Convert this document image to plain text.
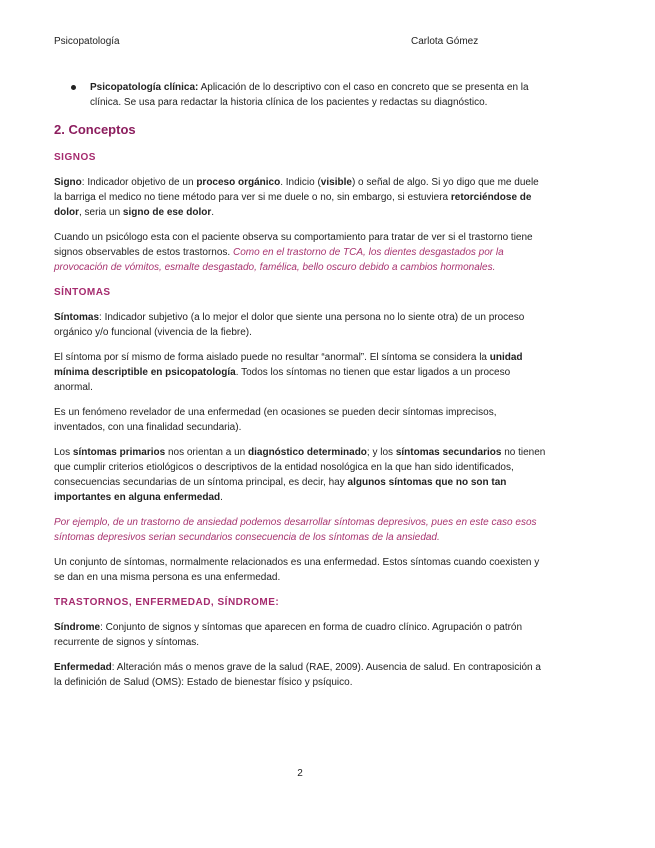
Psicopatología	Carlota Gómez

Psicopatología clínica: Aplicación de lo descriptivo con el caso en concreto que se presenta en la clínica. Se usa para redactar la historia clínica de los pacientes y redactas su diagnóstico.

2. Conceptos
SIGNOS

Signo: Indicador objetivo de un proceso orgánico. Indicio (visible) o señal de algo. Si yo digo que me duele la barriga el medico no tiene método para ver si me duele o no, sin embargo, si estuviera retorciéndose de dolor, seria un signo de ese dolor.

Cuando un psicólogo esta con el paciente observa su comportamiento para tratar de ver si el trastorno tiene signos observables de estos trastornos. Como en el trastorno de TCA, los dientes desgastados por la provocación de vómitos, esmalte desgastado, famélica, bello oscuro debido a cambios hormonales.

SÍNTOMAS

Síntomas: Indicador subjetivo (a lo mejor el dolor que siente una persona no lo siente otra) de un proceso orgánico y/o funcional (vivencia de la fiebre).

El síntoma por sí mismo de forma aislado puede no resultar “anormal”. El síntoma se considera la unidad mínima descriptible en psicopatología. Todos los síntomas no tienen que estar ligados a un proceso anormal.

Es un fenómeno revelador de una enfermedad (en ocasiones se pueden decir síntomas imprecisos, inventados, con una finalidad secundaria).

Los síntomas primarios nos orientan a un diagnóstico determinado; y los síntomas secundarios no tienen que cumplir criterios etiológicos o descriptivos de la entidad nosológica en la que han sido identificados, consecuencias secundarias de un síntoma principal, es decir, hay algunos síntomas que no son tan importantes en alguna enfermedad.

Por ejemplo, de un trastorno de ansiedad podemos desarrollar síntomas depresivos, pues en este caso esos síntomas depresivos serian secundarios consecuencia de los síntomas de la ansiedad.

Un conjunto de síntomas, normalmente relacionados es una enfermedad. Estos síntomas cuando coexisten y se dan en una misma persona es una enfermedad.

TRASTORNOS, ENFERMEDAD, SÍNDROME:

Síndrome: Conjunto de signos y síntomas que aparecen en forma de cuadro clínico. Agrupación o patrón recurrente de signos y síntomas.

Enfermedad: Alteración más o menos grave de la salud (RAE, 2009). Ausencia de salud. En contraposición a la definición de Salud (OMS): Estado de bienestar físico y psíquico.

2
